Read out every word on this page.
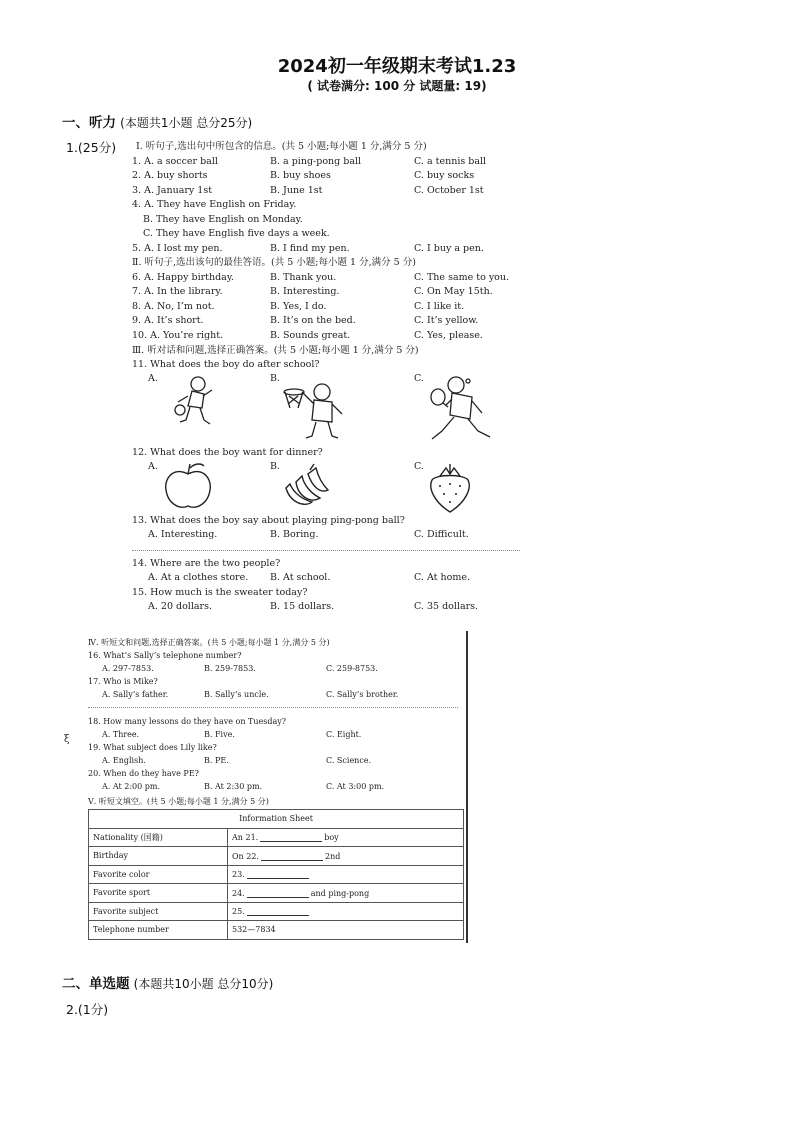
2024初一年级期末考试1.23
( 试卷满分: 100 分 试题量: 19)
一、听力 (本题共1小题 总分25分)
1.(25分) Ⅰ. 听句子,选出句中所包含的信息。(共 5 小题;每小题 1 分,满分 5 分)
1. A. a soccer ball	B. a ping-pong ball	C. a tennis ball
2. A. buy shorts	B. buy shoes	C. buy socks
3. A. January 1st	B. June 1st	C. October 1st
4. A. They have English on Friday.
B. They have English on Monday.
C. They have English five days a week.
5. A. I lost my pen.	B. I find my pen.	C. I buy a pen.
Ⅱ. 听句子,选出该句的最佳答语。(共 5 小题;每小题 1 分,满分 5 分)
6. A. Happy birthday.	B. Thank you.	C. The same to you.
7. A. In the library.	B. Interesting.	C. On May 15th.
8. A. No, I’m not.	B. Yes, I do.	C. I like it.
9. A. It’s short.	B. It’s on the bed.	C. It’s yellow.
10. A. You’re right.	B. Sounds great.	C. Yes, please.
Ⅲ. 听对话和问题,选择正确答案。(共 5 小题;每小题 1 分,满分 5 分)
11. What does the boy do after school?
A.	B.	C.
12. What does the boy want for dinner?
A.	B.	C.
13. What does the boy say about playing ping-pong ball?
A. Interesting.	B. Boring.	C. Difficult.
14. Where are the two people?
A. At a clothes store. B. At school.	C. At home.
15. How much is the sweater today?
A. 20 dollars.	B. 15 dollars.	C. 35 dollars.
Ⅳ. 听短文和问题,选择正确答案。(共 5 小题;每小题 1 分,满分 5 分)
16. What’s Sally’s telephone number?
A. 297-7853.	B. 259-7853.	C. 259-8753.
17. Who is Mike?
A. Sally’s father.	B. Sally’s uncle.	C. Sally’s brother.
18. How many lessons do they have on Tuesday?
A. Three.	B. Five.	C. Eight.
ξ
19. What subject does Lily like?
A. English.	B. PE.	C. Science.
20. When do they have PE?
A. At 2:00 pm.	B. At 2:30 pm.	C. At 3:00 pm.
Ⅴ. 听短文填空。(共 5 小题;每小题 1 分,满分 5 分)
Information Sheet	
Nationality (国籍)	An 21. boy
Birthday	On 22. 2nd
Favorite color	23.
Favorite sport	24. and ping-pong
Favorite subject	25.
Telephone number	532—7834
二、单选题 (本题共10小题 总分10分)
2.(1分)
